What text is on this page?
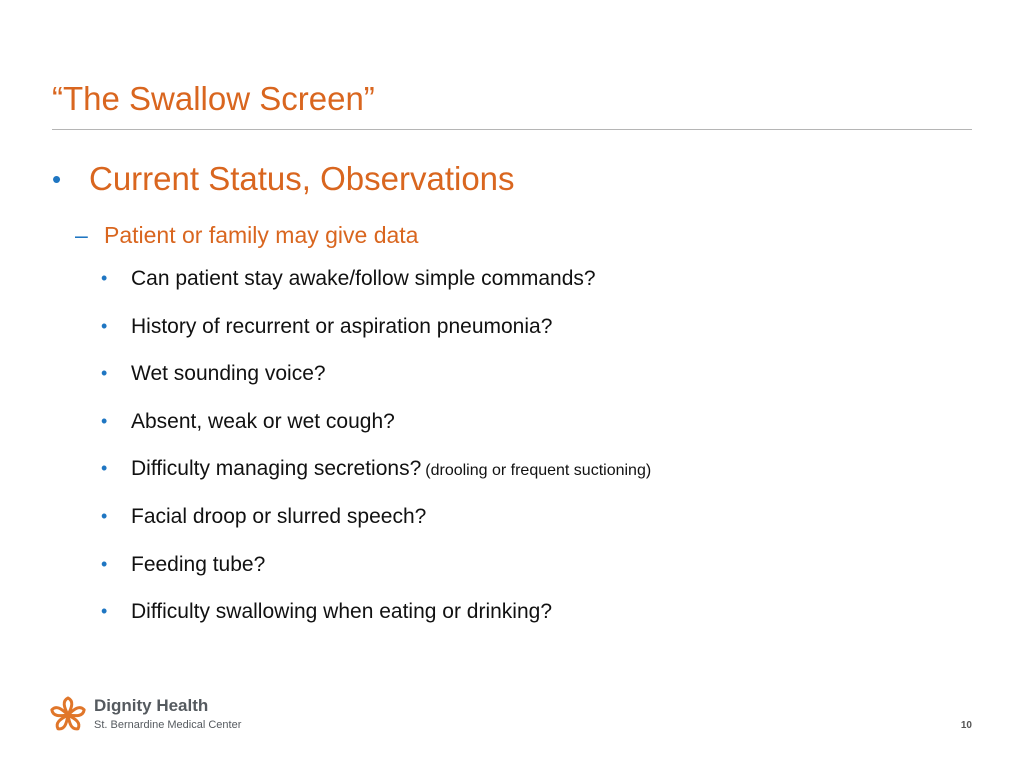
“The Swallow Screen”
• Current Status, Observations
– Patient or family may give data
• Can patient stay awake/follow simple commands?
• History of recurrent or aspiration pneumonia?
• Wet sounding voice?
• Absent, weak or wet cough?
• Difficulty managing secretions? (drooling or frequent suctioning)
• Facial droop or slurred speech?
• Feeding tube?
• Difficulty swallowing when eating or drinking?
Dignity Health
St. Bernardine Medical Center	10
